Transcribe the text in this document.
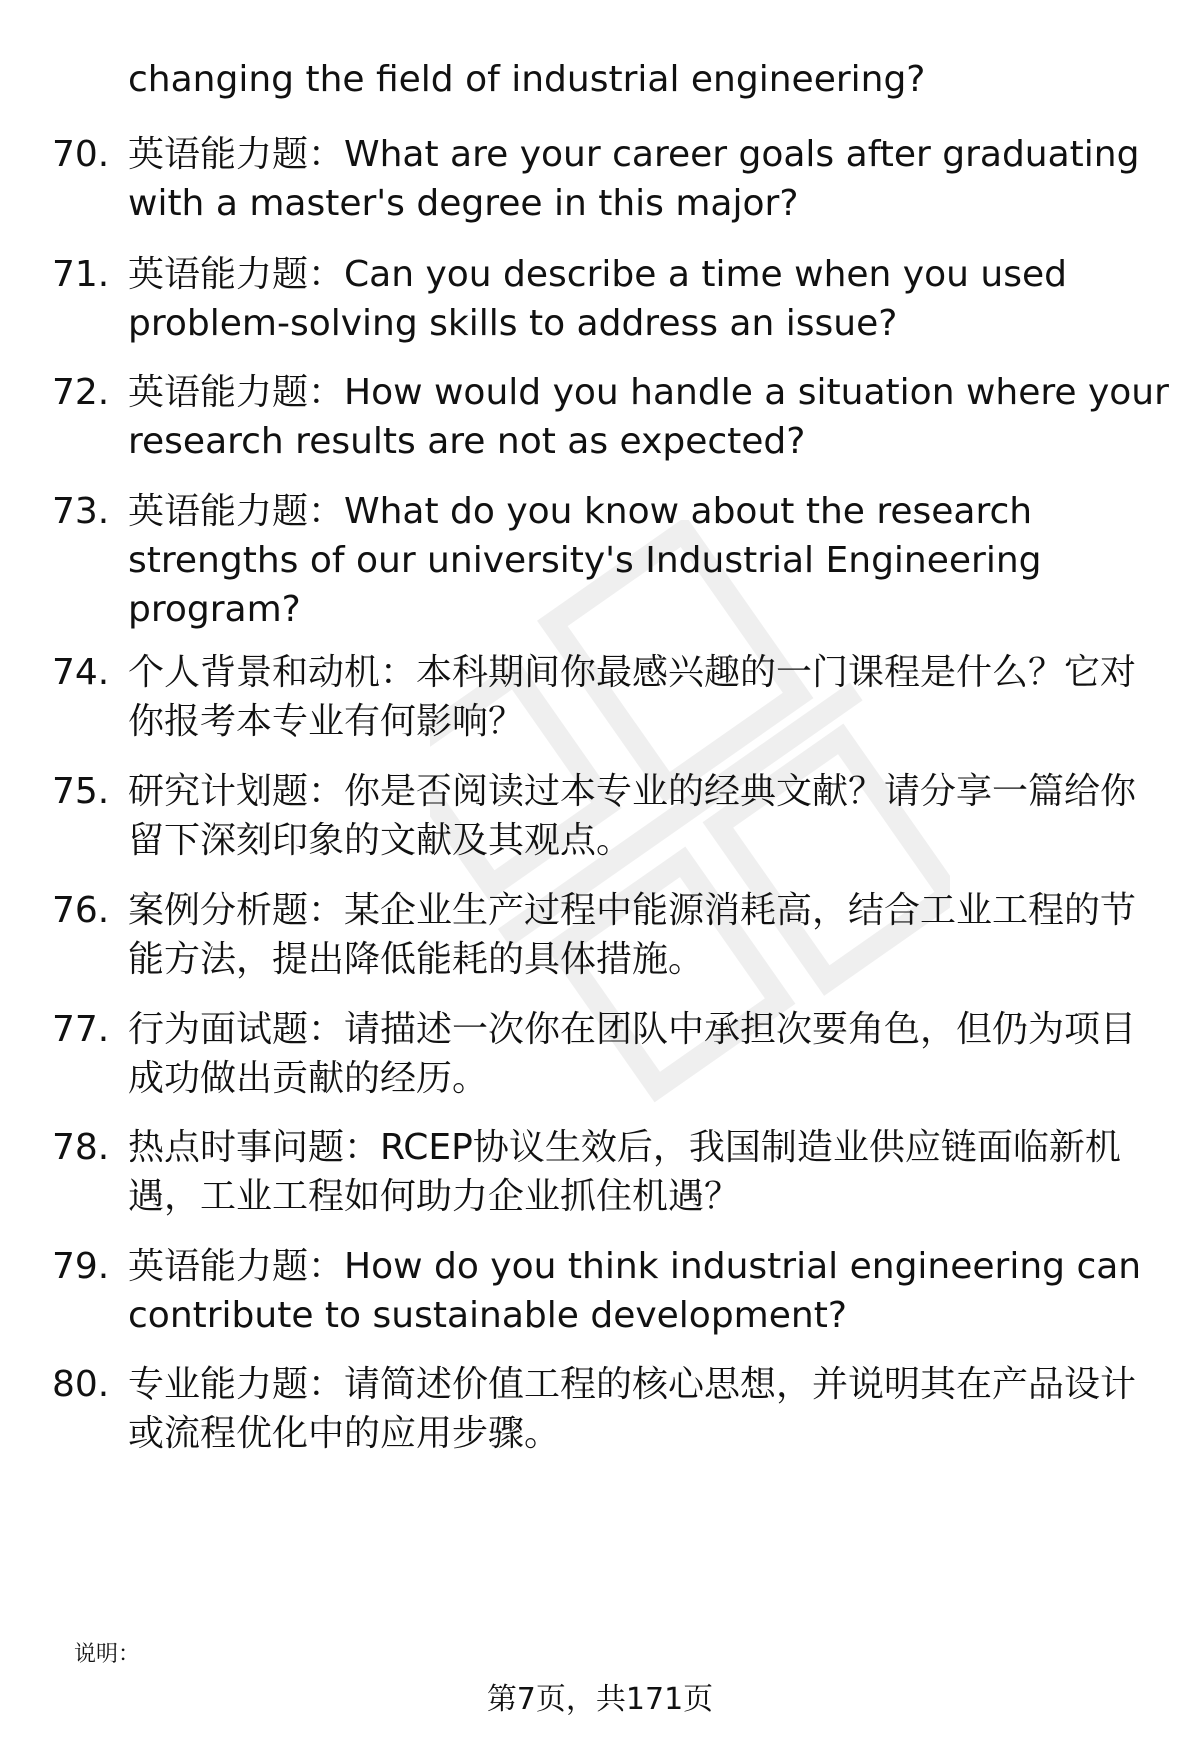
changing the field of industrial engineering?
70. 英语能力题：What are your career goals after graduating
with a master's degree in this major?
71. 英语能力题：Can you describe a time when you used
problem-solving skills to address an issue?
72. 英语能力题：How would you handle a situation where your
research results are not as expected?
73. 英语能力题：What do you know about the research
strengths of our university's Industrial Engineering
program?
74. 个人背景和动机：本科期间你最感兴趣的一门课程是什么？它对
你报考本专业有何影响？
75. 研究计划题：你是否阅读过本专业的经典文献？请分享一篇给你
留下深刻印象的文献及其观点。
76. 案例分析题：某企业生产过程中能源消耗高，结合工业工程的节
能方法，提出降低能耗的具体措施。
77. 行为面试题：请描述一次你在团队中承担次要角色，但仍为项目
成功做出贡献的经历。
78. 热点时事问题：RCEP协议生效后，我国制造业供应链面临新机
遇，工业工程如何助力企业抓住机遇？
79. 英语能力题：How do you think industrial engineering can
contribute to sustainable development?
80. 专业能力题：请简述价值工程的核心思想，并说明其在产品设计
或流程优化中的应用步骤。
说明：
第7页，共171页
